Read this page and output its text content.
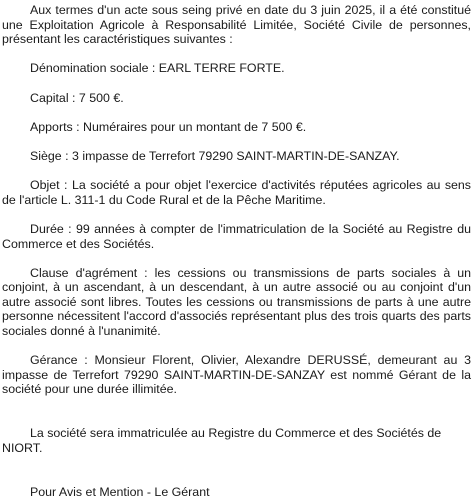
Aux termes d'un acte sous seing privé en date du 3 juin 2025, il a été constitué une Exploitation Agricole à Responsabilité Limitée, Société Civile de personnes, présentant les caractéristiques suivantes :

Dénomination sociale : EARL TERRE FORTE.

Capital : 7 500 €.

Apports : Numéraires pour un montant de 7 500 €.

Siège : 3 impasse de Terrefort 79290 SAINT-MARTIN-DE-SANZAY.

Objet : La société a pour objet l'exercice d'activités réputées agricoles au sens de l'article L. 311-1 du Code Rural et de la Pêche Maritime.

Durée : 99 années à compter de l'immatriculation de la Société au Registre du Commerce et des Sociétés.

Clause d'agrément : les cessions ou transmissions de parts sociales à un conjoint, à un ascendant, à un descendant, à un autre associé ou au conjoint d'un autre associé sont libres. Toutes les cessions ou transmissions de parts à une autre personne nécessitent l'accord d'associés représentant plus des trois quarts des parts sociales donné à l'unanimité.

Gérance : Monsieur Florent, Olivier, Alexandre DERUSSÉ, demeurant au 3 impasse de Terrefort 79290 SAINT-MARTIN-DE-SANZAY est nommé Gérant de la société pour une durée illimitée.

La société sera immatriculée au Registre du Commerce et des Sociétés de NIORT.

Pour Avis et Mention - Le Gérant
